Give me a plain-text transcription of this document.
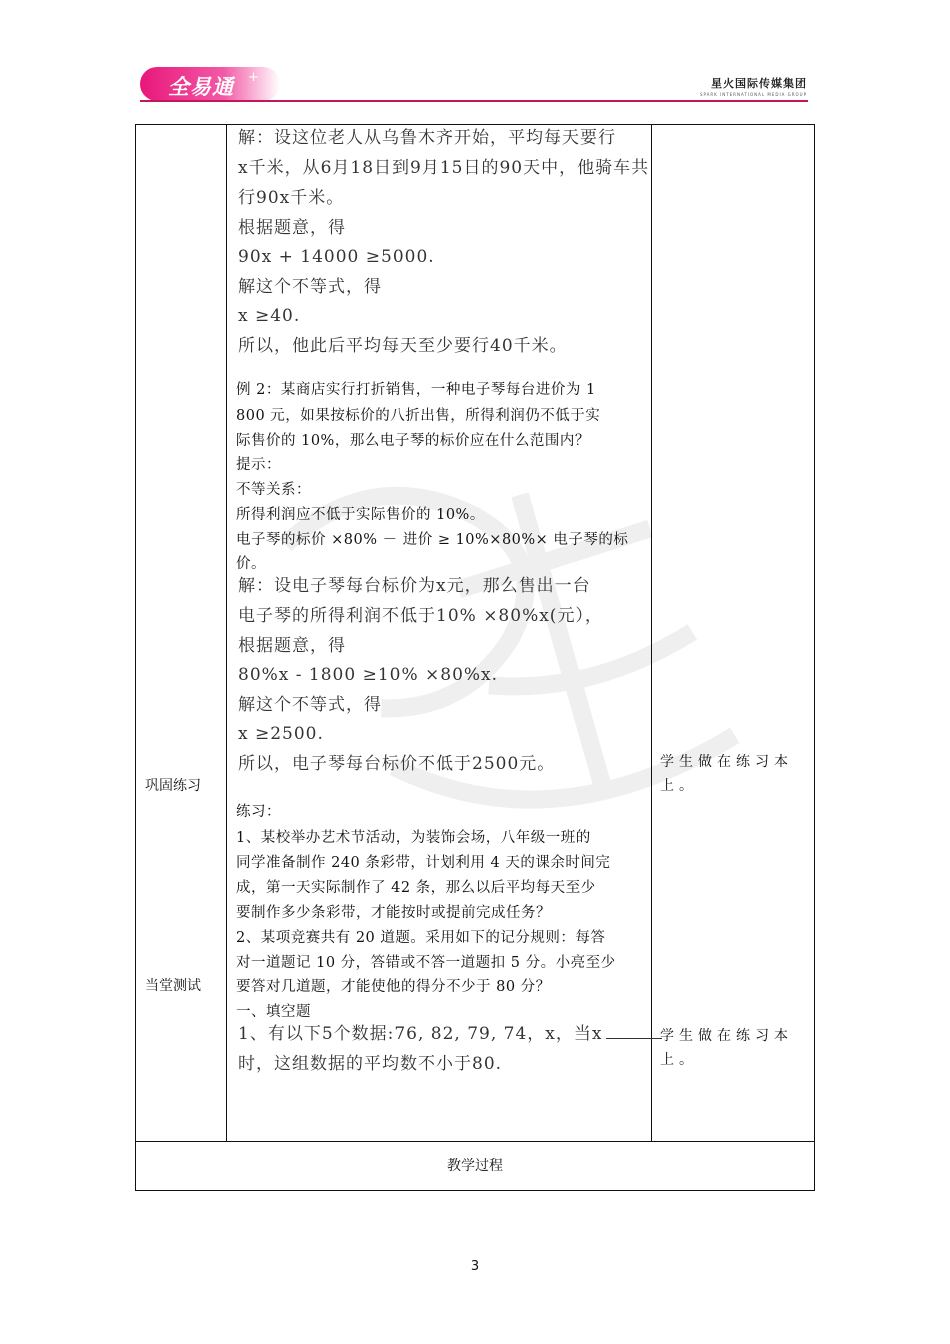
全易通 +	星火国际传媒集团
SPARK INTERNATIONAL MEDIA GROUP
巩固练习
当堂测试
学生做在练习本上。
学生做在练习本上。
解：设这位老人从乌鲁木齐开始，平均每天要行
x千米，从6月18日到9月15日的90天中，他骑车共
行90x千米。
根据题意，得
90x + 14000 ≥5000.
解这个不等式，得
x ≥40.
所以，他此后平均每天至少要行40千米。
例 2：某商店实行打折销售，一种电子琴每台进价为 1
800 元，如果按标价的八折出售，所得利润仍不低于实
际售价的 10%，那么电子琴的标价应在什么范围内？
提示：
不等关系：
所得利润应不低于实际售价的 10%。
电子琴的标价 ×80% － 进价 ≥ 10%×80%× 电子琴的标
价。
解：设电子琴每台标价为x元，那么售出一台
电子琴的所得利润不低于10% ×80%x(元），
根据题意，得
80%x - 1800 ≥10% ×80%x.
解这个不等式，得
x ≥2500.
所以，电子琴每台标价不低于2500元。
练习：
1、某校举办艺术节活动，为装饰会场，八年级一班的
同学准备制作 240 条彩带，计划利用 4 天的课余时间完
成，第一天实际制作了 42 条，那么以后平均每天至少
要制作多少条彩带，才能按时或提前完成任务？
2、某项竞赛共有 20 道题。采用如下的记分规则：每答
对一道题记 10 分，答错或不答一道题扣 5 分。小亮至少
要答对几道题，才能使他的得分不少于 80 分？
一、填空题
1、有以下5个数据:76, 82, 79, 74，x，当x
时，这组数据的平均数不小于80.
教学过程
3
